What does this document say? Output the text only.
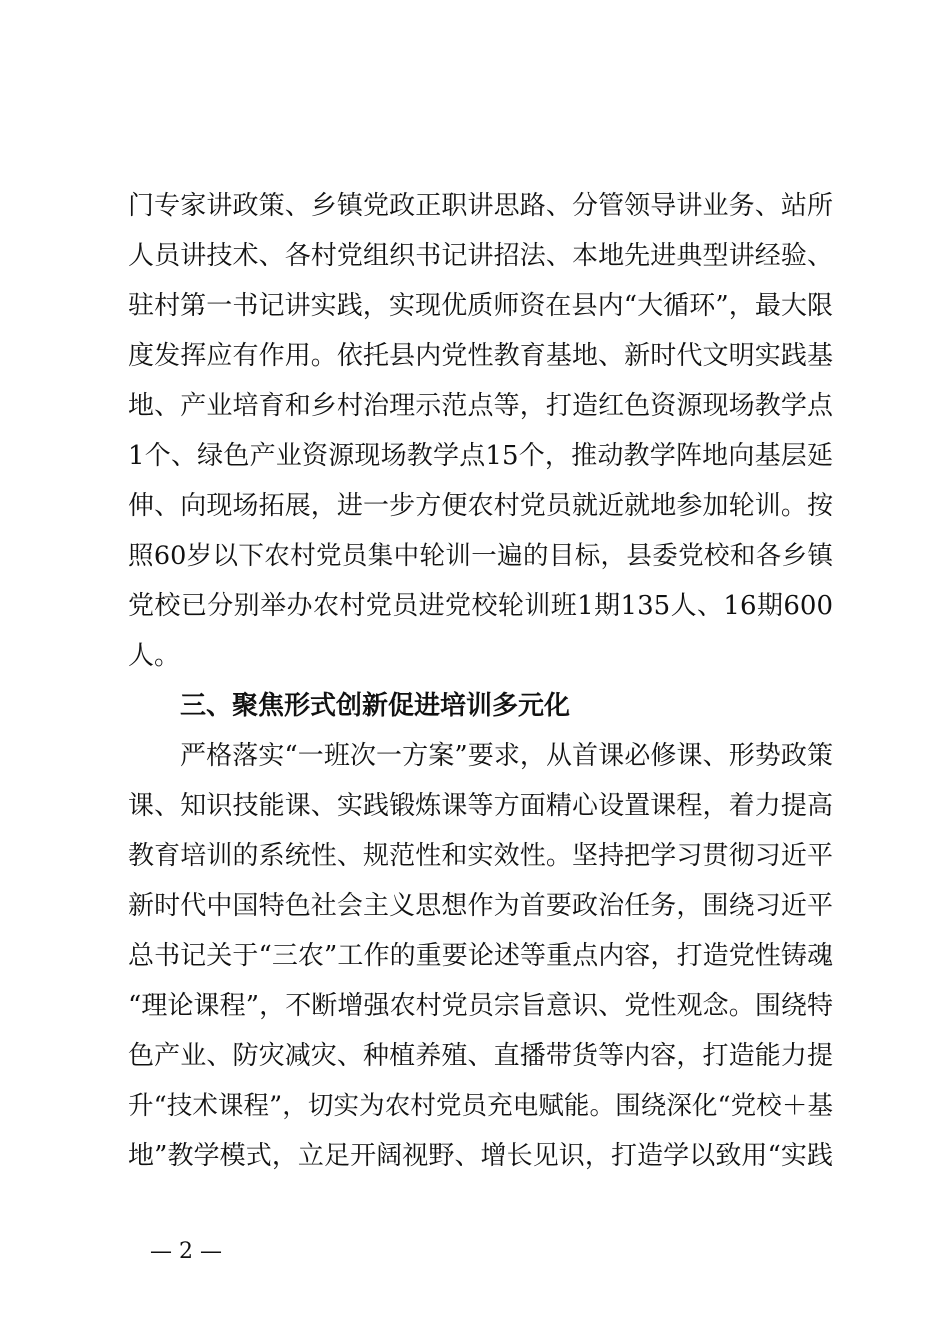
门专家讲政策、乡镇党政正职讲思路、分管领导讲业务、站所
人员讲技术、各村党组织书记讲招法、本地先进典型讲经验、
驻村第一书记讲实践，实现优质师资在县内“大循环”，最大限
度发挥应有作用。依托县内党性教育基地、新时代文明实践基
地、产业培育和乡村治理示范点等，打造红色资源现场教学点
1个、绿色产业资源现场教学点15个，推动教学阵地向基层延
伸、向现场拓展，进一步方便农村党员就近就地参加轮训。按
照60岁以下农村党员集中轮训一遍的目标，县委党校和各乡镇
党校已分别举办农村党员进党校轮训班1期135人、16期600
人。
三、聚焦形式创新促进培训多元化
严格落实“一班次一方案”要求，从首课必修课、形势政策
课、知识技能课、实践锻炼课等方面精心设置课程，着力提高
教育培训的系统性、规范性和实效性。坚持把学习贯彻习近平
新时代中国特色社会主义思想作为首要政治任务，围绕习近平
总书记关于“三农”工作的重要论述等重点内容，打造党性铸魂
“理论课程”，不断增强农村党员宗旨意识、党性观念。围绕特
色产业、防灾减灾、种植养殖、直播带货等内容，打造能力提
升“技术课程”，切实为农村党员充电赋能。围绕深化“党校＋基
地”教学模式，立足开阔视野、增长见识，打造学以致用“实践
— 2 —
